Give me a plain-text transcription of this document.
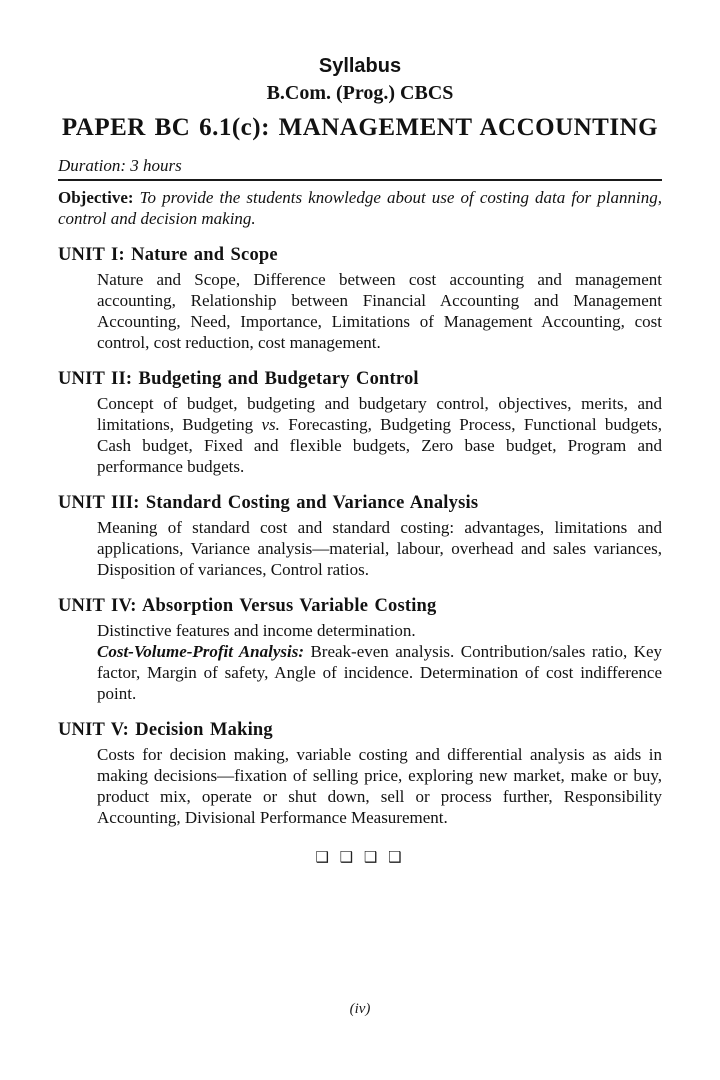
Syllabus
B.Com. (Prog.) CBCS
PAPER BC 6.1(c): MANAGEMENT ACCOUNTING
Duration: 3 hours

Objective: To provide the students knowledge about use of costing data for planning, control and decision making.

UNIT I: Nature and Scope

Nature and Scope, Difference between cost accounting and management accounting, Relationship between Financial Accounting and Management Accounting, Need, Importance, Limitations of Management Accounting, cost control, cost reduction, cost management.

UNIT II: Budgeting and Budgetary Control

Concept of budget, budgeting and budgetary control, objectives, merits, and limitations, Budgeting vs. Forecasting, Budgeting Process, Functional budgets, Cash budget, Fixed and flexible budgets, Zero base budget, Program and performance budgets.

UNIT III: Standard Costing and Variance Analysis

Meaning of standard cost and standard costing: advantages, limitations and applications, Variance analysis—material, labour, overhead and sales variances, Disposition of variances, Control ratios.

UNIT IV: Absorption Versus Variable Costing

Distinctive features and income determination.
Cost-Volume-Profit Analysis: Break-even analysis. Contribution/sales ratio, Key factor, Margin of safety, Angle of incidence. Determination of cost indifference point.

UNIT V: Decision Making

Costs for decision making, variable costing and differential analysis as aids in making decisions—fixation of selling price, exploring new market, make or buy, product mix, operate or shut down, sell or process further, Responsibility Accounting, Divisional Performance Measurement.

❑ ❑ ❑ ❑
(iv)
